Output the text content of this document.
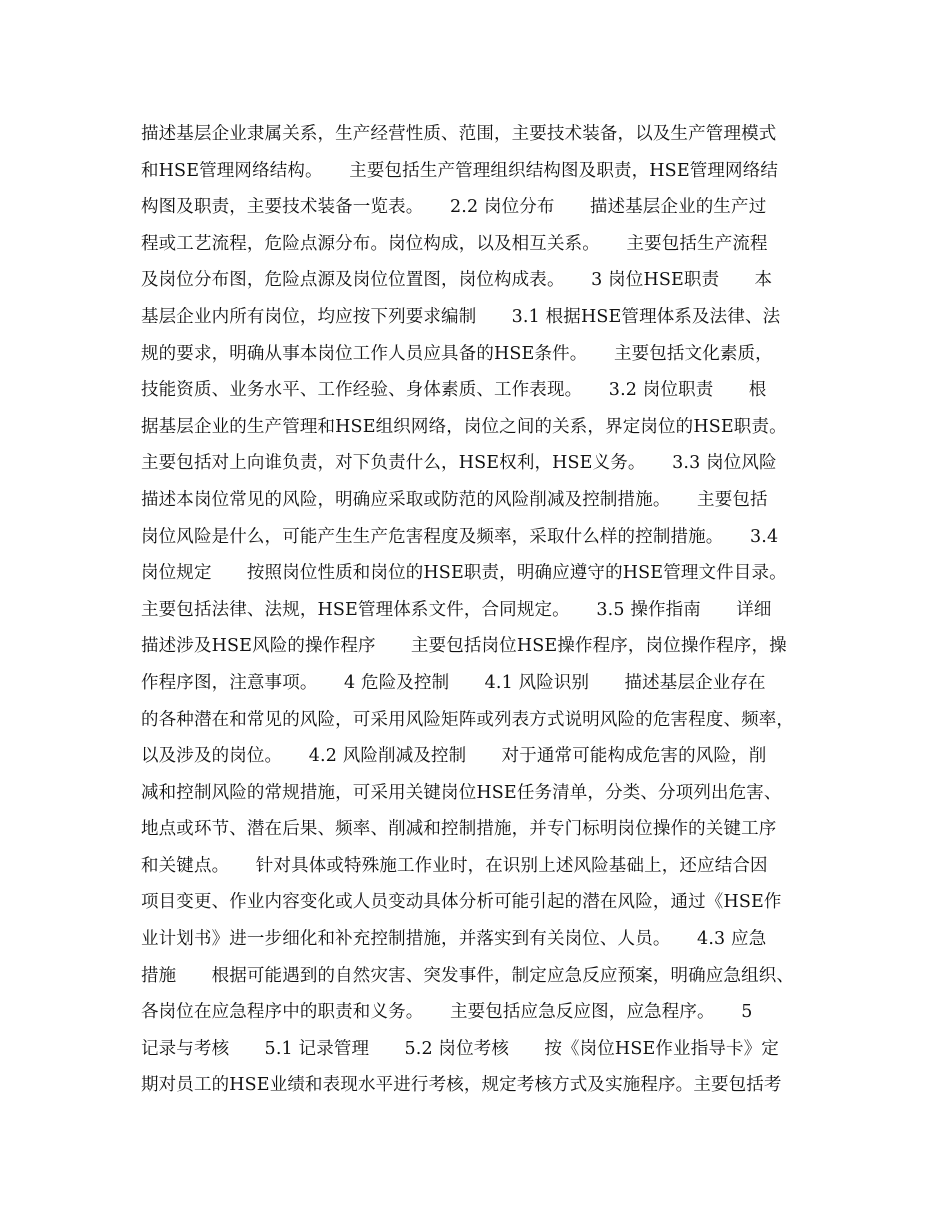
描述基层企业隶属关系，生产经营性质、范围，主要技术装备，以及生产管理模式
和HSE管理网络结构。　　主要包括生产管理组织结构图及职责，HSE管理网络结
构图及职责，主要技术装备一览表。　　2.2 岗位分布　　描述基层企业的生产过
程或工艺流程，危险点源分布。岗位构成，以及相互关系。　　主要包括生产流程
及岗位分布图，危险点源及岗位位置图，岗位构成表。　　3 岗位HSE职责　　本
基层企业内所有岗位，均应按下列要求编制　　3.1 根据HSE管理体系及法律、法
规的要求，明确从事本岗位工作人员应具备的HSE条件。　　主要包括文化素质，
技能资质、业务水平、工作经验、身体素质、工作表现。　　3.2 岗位职责　　根
据基层企业的生产管理和HSE组织网络，岗位之间的关系，界定岗位的HSE职责。
主要包括对上向谁负责，对下负责什么，HSE权利，HSE义务。　　3.3 岗位风险
描述本岗位常见的风险，明确应采取或防范的风险削减及控制措施。　　主要包括
岗位风险是什么，可能产生生产危害程度及频率，采取什么样的控制措施。　　3.4
岗位规定　　按照岗位性质和岗位的HSE职责，明确应遵守的HSE管理文件目录。
主要包括法律、法规，HSE管理体系文件，合同规定。　　3.5 操作指南　　详细
描述涉及HSE风险的操作程序　　主要包括岗位HSE操作程序，岗位操作程序，操
作程序图，注意事项。　　4 危险及控制　　4.1 风险识别　　描述基层企业存在
的各种潜在和常见的风险，可采用风险矩阵或列表方式说明风险的危害程度、频率，
以及涉及的岗位。　　4.2 风险削减及控制　　对于通常可能构成危害的风险，削
减和控制风险的常规措施，可采用关键岗位HSE任务清单，分类、分项列出危害、
地点或环节、潜在后果、频率、削减和控制措施，并专门标明岗位操作的关键工序
和关键点。　　针对具体或特殊施工作业时，在识别上述风险基础上，还应结合因
项目变更、作业内容变化或人员变动具体分析可能引起的潜在风险，通过《HSE作
业计划书》进一步细化和补充控制措施，并落实到有关岗位、人员。　　4.3 应急
措施　　根据可能遇到的自然灾害、突发事件，制定应急反应预案，明确应急组织、
各岗位在应急程序中的职责和义务。　　主要包括应急反应图，应急程序。　　5
记录与考核　　5.1 记录管理　　5.2 岗位考核　　按《岗位HSE作业指导卡》定
期对员工的HSE业绩和表现水平进行考核，规定考核方式及实施程序。主要包括考
